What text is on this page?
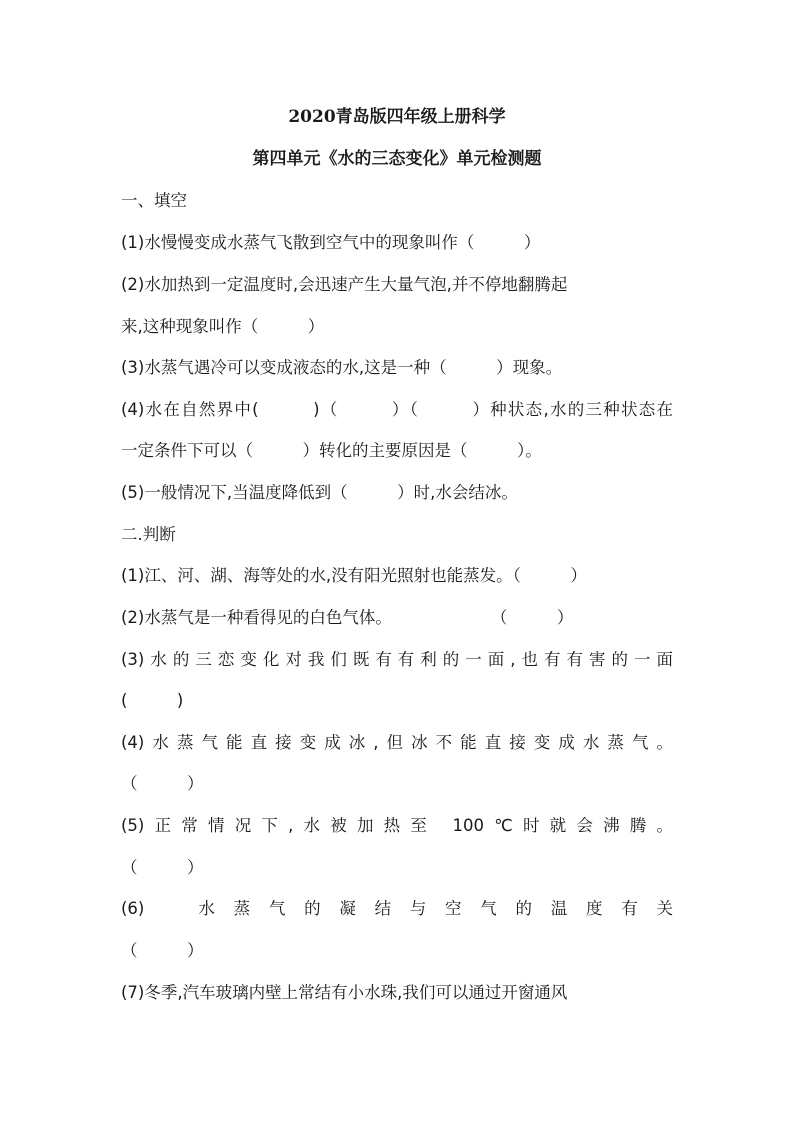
2020青岛版四年级上册科学
第四单元《水的三态变化》单元检测题
一、填空
(1)水慢慢变成水蒸气飞散到空气中的现象叫作（　　　）
(2)水加热到一定温度时,会迅速产生大量气泡,并不停地翻腾起
来,这种现象叫作（　　　）
(3)水蒸气遇冷可以变成液态的水,这是一种（　　　）现象。
(4)水在自然界中(　　　)（　　　）（　　　）种状态,水的三种状态在
一定条件下可以（　　　）转化的主要原因是（　　　）。
(5)一般情况下,当温度降低到（　　　）时,水会结冰。
二.判断
(1)江、河、湖、海等处的水,没有阳光照射也能蒸发。（　　　）
(2)水蒸气是一种看得见的白色气体。　　　　　　　（　　　）
(3)水的三恋变化对我们既有有利的一面,也有有害的一面
(　　　)
(4)水蒸气能直接变成冰,但冰不能直接变成水蒸气。
（　　　）
(5)正常情况下,水被加热至 100℃时就会沸腾。
（　　　）
(6)　水蒸气的凝结与空气的温度有关
（　　　）
(7)冬季,汽车玻璃内壁上常结有小水珠,我们可以通过开窗通风
